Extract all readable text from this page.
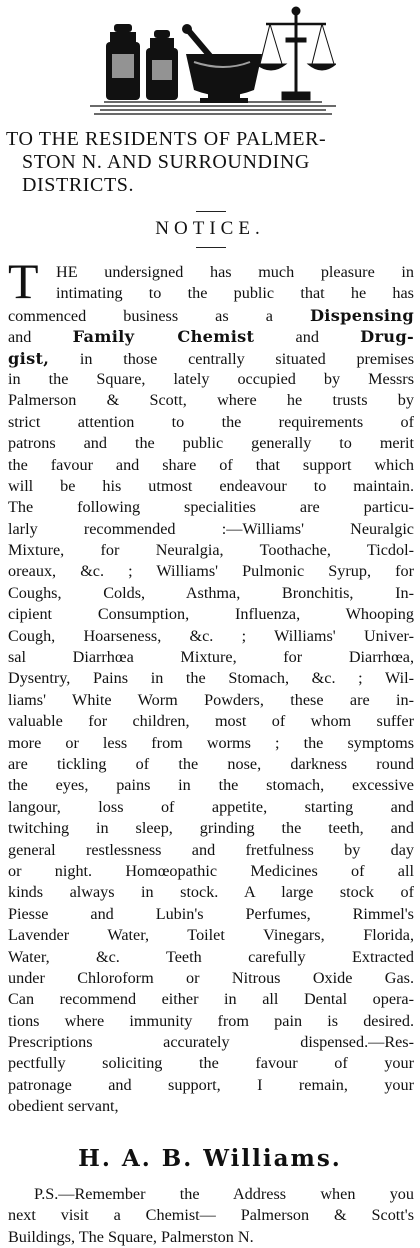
TO THE RESIDENTS OF PALMER-
STON N. AND SURROUNDING
DISTRICTS.
NOTICE.
T	HE undersigned has much pleasure in
intimating to the public that he has
commenced business as a Dispensing
and Family Chemist and Drug-
gist, in those centrally situated premises
in the Square, lately occupied by Messrs
Palmerson & Scott, where he trusts by
strict attention to the requirements of
patrons and the public generally to merit
the favour and share of that support which
will be his utmost endeavour to maintain.
The following specialities are particu-
larly recommended :—Williams' Neuralgic
Mixture, for Neuralgia, Toothache, Ticdol-
oreaux, &c. ; Williams' Pulmonic Syrup, for
Coughs, Colds, Asthma, Bronchitis, In-
cipient Consumption, Influenza, Whooping
Cough, Hoarseness, &c. ; Williams' Univer-
sal Diarrhœa Mixture, for Diarrhœa,
Dysentry, Pains in the Stomach, &c. ; Wil-
liams' White Worm Powders, these are in-
valuable for children, most of whom suffer
more or less from worms ; the symptoms
are tickling of the nose, darkness round
the eyes, pains in the stomach, excessive
langour, loss of appetite, starting and
twitching in sleep, grinding the teeth, and
general restlessness and fretfulness by day
or night. Homœopathic Medicines of all
kinds always in stock. A large stock of
Piesse and Lubin's Perfumes, Rimmel's
Lavender Water, Toilet Vinegars, Florida,
Water, &c. Teeth carefully Extracted
under Chloroform or Nitrous Oxide Gas.
Can recommend either in all Dental opera-
tions where immunity from pain is desired.
Prescriptions accurately dispensed.—Res-
pectfully soliciting the favour of your
patronage and support, I remain, your
obedient servant,
H. A. B. Williams.
P.S.—Remember the Address when you
next visit a Chemist— Palmerson & Scott's
Buildings, The Square, Palmerston N.
